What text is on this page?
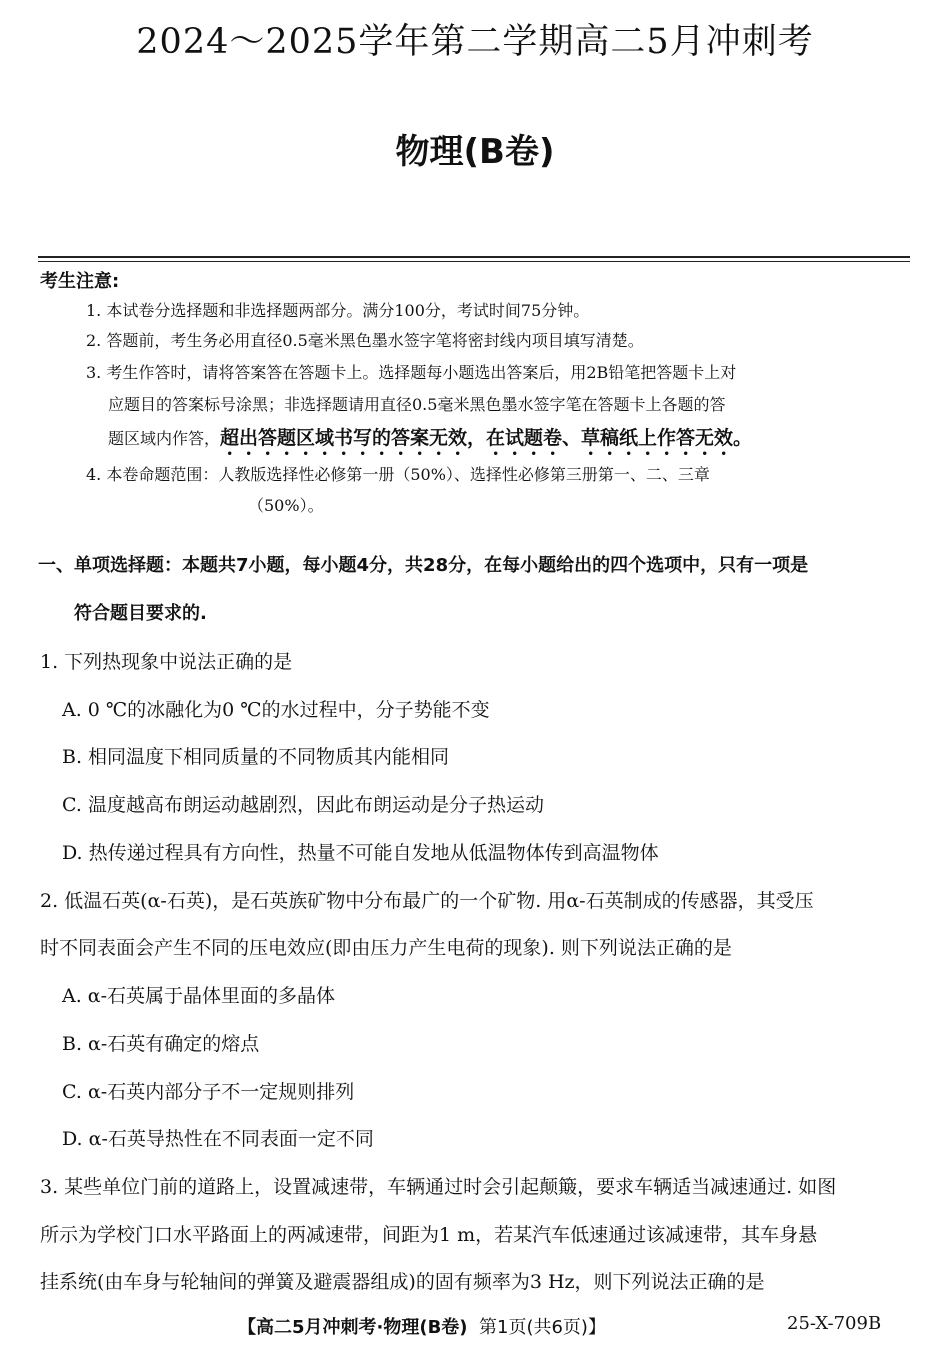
2024～2025学年第二学期高二5月冲刺考
物理(B卷)
考生注意:
1. 本试卷分选择题和非选择题两部分。满分100分，考试时间75分钟。
2. 答题前，考生务必用直径0.5毫米黑色墨水签字笔将密封线内项目填写清楚。
3. 考生作答时，请将答案答在答题卡上。选择题每小题选出答案后，用2B铅笔把答题卡上对
应题目的答案标号涂黑；非选择题请用直径0.5毫米黑色墨水签字笔在答题卡上各题的答
题区域内作答，超出答题区域书写的答案无效，在试题卷、草稿纸上作答无效。
4. 本卷命题范围：人教版选择性必修第一册（50%）、选择性必修第三册第一、二、三章
（50%）。
一、单项选择题：本题共7小题，每小题4分，共28分，在每小题给出的四个选项中，只有一项是
符合题目要求的.
1. 下列热现象中说法正确的是
A. 0 ℃的冰融化为0 ℃的水过程中，分子势能不变
B. 相同温度下相同质量的不同物质其内能相同
C. 温度越高布朗运动越剧烈，因此布朗运动是分子热运动
D. 热传递过程具有方向性，热量不可能自发地从低温物体传到高温物体
2. 低温石英(α-石英)，是石英族矿物中分布最广的一个矿物. 用α-石英制成的传感器，其受压
时不同表面会产生不同的压电效应(即由压力产生电荷的现象). 则下列说法正确的是
A. α-石英属于晶体里面的多晶体
B. α-石英有确定的熔点
C. α-石英内部分子不一定规则排列
D. α-石英导热性在不同表面一定不同
3. 某些单位门前的道路上，设置减速带，车辆通过时会引起颠簸，要求车辆适当减速通过. 如图
所示为学校门口水平路面上的两减速带，间距为1 m，若某汽车低速通过该减速带，其车身悬
挂系统(由车身与轮轴间的弹簧及避震器组成)的固有频率为3 Hz，则下列说法正确的是
【高二5月冲刺考·物理(B卷) 第1页(共6页)】	25-X-709B
